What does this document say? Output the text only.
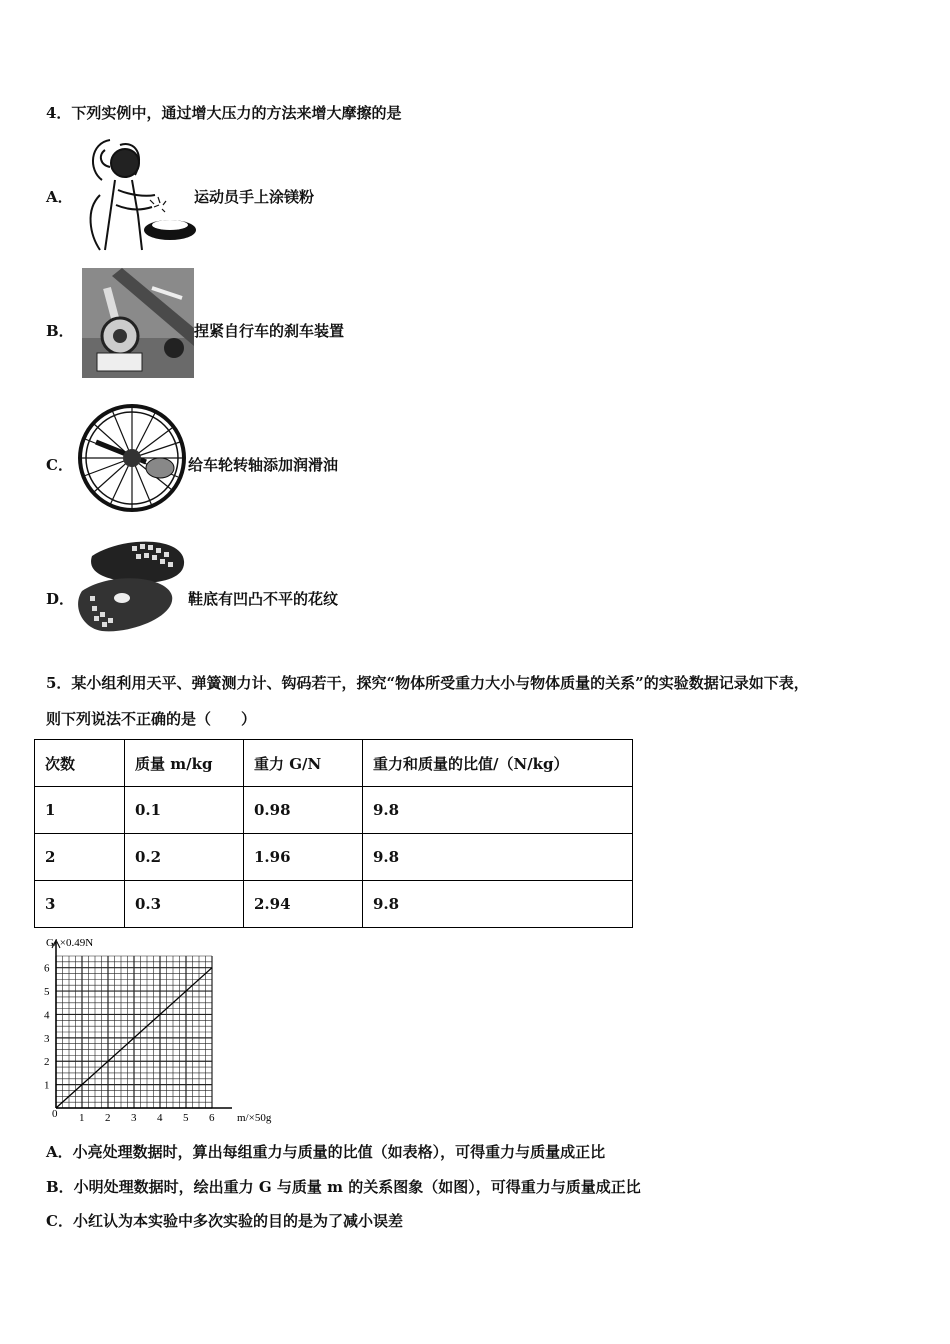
4．下列实例中，通过增大压力的方法来增大摩擦的是
A．	运动员手上涂镁粉
B．	捏紧自行车的刹车装置
C．	给车轮转轴添加润滑油
D．	鞋底有凹凸不平的花纹
5．某小组利用天平、弹簧测力计、钩码若干，探究“物体所受重力大小与物体质量的关系”的实验数据记录如下表，
则下列说法不正确的是（　　）
次数	质量 m/kg	重力 G/N	重力和质量的比值/（N/kg）
1	0.1	0.98	9.8
2	0.2	1.96	9.8
3	0.3	2.94	9.8
1 2 3 4 5 6
1
2
3
4
5
6
G/ ×0.49N
m/×50g
0
A．小亮处理数据时，算出每组重力与质量的比值（如表格），可得重力与质量成正比
B．小明处理数据时，绘出重力 G 与质量 m 的关系图象（如图），可得重力与质量成正比
C．小红认为本实验中多次实验的目的是为了减小误差
